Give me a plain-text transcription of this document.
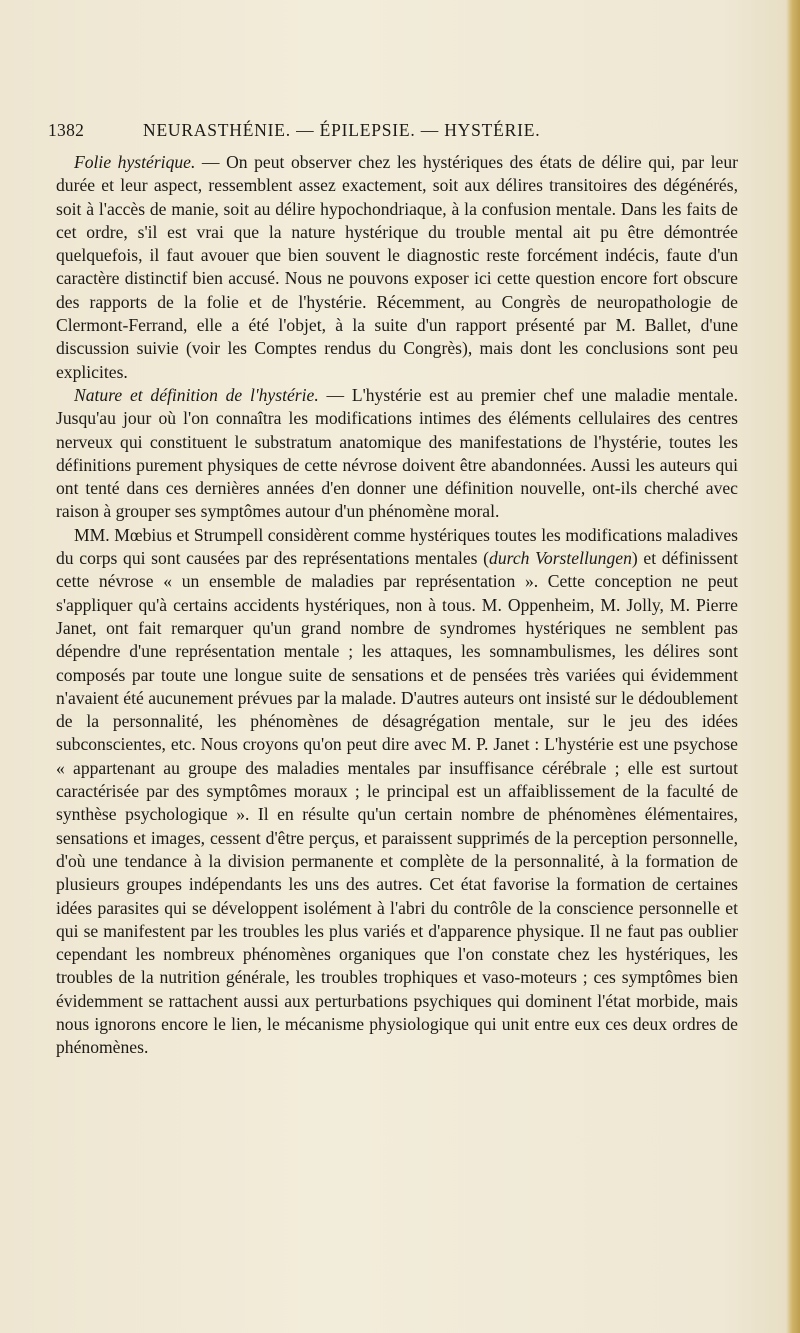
1382	NEURASTHÉNIE. — ÉPILEPSIE. — HYSTÉRIE.

Folie hystérique. — On peut observer chez les hystériques des états de délire qui, par leur durée et leur aspect, ressemblent assez exactement, soit aux délires transitoires des dégénérés, soit à l'accès de manie, soit au délire hypochondriaque, à la confusion mentale. Dans les faits de cet ordre, s'il est vrai que la nature hystérique du trouble mental ait pu être démontrée quelquefois, il faut avouer que bien souvent le diagnostic reste forcément indécis, faute d'un caractère distinctif bien accusé. Nous ne pouvons exposer ici cette question encore fort obscure des rapports de la folie et de l'hystérie. Récemment, au Congrès de neuropathologie de Clermont-Ferrand, elle a été l'objet, à la suite d'un rapport présenté par M. Ballet, d'une discussion suivie (voir les Comptes rendus du Congrès), mais dont les conclusions sont peu explicites.

Nature et définition de l'hystérie. — L'hystérie est au premier chef une maladie mentale. Jusqu'au jour où l'on connaîtra les modifications intimes des éléments cellulaires des centres nerveux qui constituent le substratum anatomique des manifestations de l'hystérie, toutes les définitions purement physiques de cette névrose doivent être abandonnées. Aussi les auteurs qui ont tenté dans ces dernières années d'en donner une définition nouvelle, ont-ils cherché avec raison à grouper ses symptômes autour d'un phénomène moral.

MM. Mœbius et Strumpell considèrent comme hystériques toutes les modifications maladives du corps qui sont causées par des représentations mentales (durch Vorstellungen) et définissent cette névrose « un ensemble de maladies par représentation ». Cette conception ne peut s'appliquer qu'à certains accidents hystériques, non à tous. M. Oppenheim, M. Jolly, M. Pierre Janet, ont fait remarquer qu'un grand nombre de syndromes hystériques ne semblent pas dépendre d'une représentation mentale ; les attaques, les somnambulismes, les délires sont composés par toute une longue suite de sensations et de pensées très variées qui évidemment n'avaient été aucunement prévues par la malade. D'autres auteurs ont insisté sur le dédoublement de la personnalité, les phénomènes de désagrégation mentale, sur le jeu des idées subconscientes, etc. Nous croyons qu'on peut dire avec M. P. Janet : L'hystérie est une psychose « appartenant au groupe des maladies mentales par insuffisance cérébrale ; elle est surtout caractérisée par des symptômes moraux ; le principal est un affaiblissement de la faculté de synthèse psychologique ». Il en résulte qu'un certain nombre de phénomènes élémentaires, sensations et images, cessent d'être perçus, et paraissent supprimés de la perception personnelle, d'où une tendance à la division permanente et complète de la personnalité, à la formation de plusieurs groupes indépendants les uns des autres. Cet état favorise la formation de certaines idées parasites qui se développent isolément à l'abri du contrôle de la conscience personnelle et qui se manifestent par les troubles les plus variés et d'apparence physique. Il ne faut pas oublier cependant les nombreux phénomènes organiques que l'on constate chez les hystériques, les troubles de la nutrition générale, les troubles trophiques et vaso-moteurs ; ces symptômes bien évidemment se rattachent aussi aux perturbations psychiques qui dominent l'état morbide, mais nous ignorons encore le lien, le mécanisme physiologique qui unit entre eux ces deux ordres de phénomènes.
